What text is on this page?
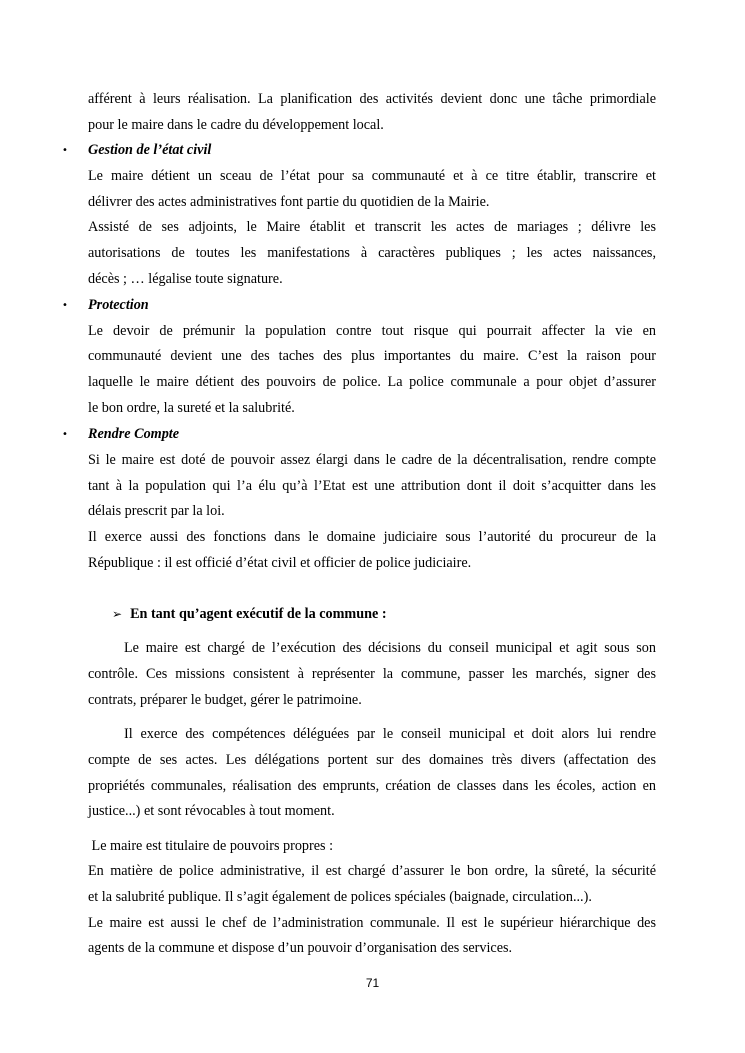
afférent à leurs réalisation. La planification des activités devient donc une tâche primordiale
pour le maire dans le cadre du développement local.
• Gestion de l’état civil
Le maire détient un sceau de l’état pour sa communauté et à ce titre établir, transcrire et
délivrer des actes administratives font partie du quotidien de la Mairie.
Assisté de ses adjoints, le Maire établit et transcrit les actes de mariages ; délivre les
autorisations de toutes les manifestations à caractères publiques ; les actes naissances,
décès ; … légalise toute signature.
• Protection
Le devoir de prémunir la population contre tout risque qui pourrait affecter la vie en
communauté devient une des taches des plus importantes du maire. C’est la raison pour
laquelle le maire détient des pouvoirs de police. La police communale a pour objet d’assurer
le bon ordre, la sureté et la salubrité.
• Rendre Compte
Si le maire est doté de pouvoir assez élargi dans le cadre de la décentralisation, rendre compte
tant à la population qui l’a élu qu’à l’Etat est une attribution dont il doit s’acquitter dans les
délais prescrit par la loi.
Il exerce aussi des fonctions dans le domaine judiciaire sous l’autorité du procureur de la
République : il est officié d’état civil et officier de police judiciaire.
➢ En tant qu’agent exécutif de la commune :
Le maire est chargé de l’exécution des décisions du conseil municipal et agit sous son
contrôle. Ces missions consistent à représenter la commune, passer les marchés, signer des
contrats, préparer le budget, gérer le patrimoine.
Il exerce des compétences déléguées par le conseil municipal et doit alors lui rendre
compte de ses actes. Les délégations portent sur des domaines très divers (affectation des
propriétés communales, réalisation des emprunts, création de classes dans les écoles, action en
justice...) et sont révocables à tout moment.
Le maire est titulaire de pouvoirs propres :
En matière de police administrative, il est chargé d’assurer le bon ordre, la sûreté, la sécurité
et la salubrité publique. Il s’agit également de polices spéciales (baignade, circulation...).
Le maire est aussi le chef de l’administration communale. Il est le supérieur hiérarchique des
agents de la commune et dispose d’un pouvoir d’organisation des services.
71
